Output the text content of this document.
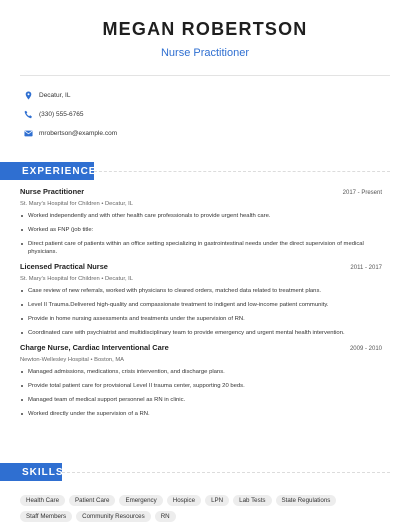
MEGAN ROBERTSON
Nurse Practitioner
Decatur, IL
(330) 555-6765
mrobertson@example.com
EXPERIENCE
Nurse Practitioner	2017 - Present
St. Mary's Hospital for Children • Decatur, IL
Worked independently and with other health care professionals to provide urgent health care.
Worked as FNP (job title:
Direct patient care of patients within an office setting specializing in gastrointestinal needs under the direct supervision of medical physicians.
Licensed Practical Nurse	2011 - 2017
St. Mary's Hospital for Children • Decatur, IL
Case review of new referrals, worked with physicians to cleared orders, matched data related to treatment plans.
Level II Trauma.Delivered high-quality and compassionate treatment to indigent and low-income patient community.
Provide in home nursing assessments and treatments under the supervision of RN.
Coordinated care with psychiatrist and multidisciplinary team to provide emergency and urgent mental health intervention.
Charge Nurse, Cardiac Interventional Care	2009 - 2010
Newton-Wellesley Hospital • Boston, MA
Managed admissions, medications, crisis intervention, and discharge plans.
Provide total patient care for provisional Level II trauma center, supporting 20 beds.
Managed team of medical support personnel as RN in clinic.
Worked directly under the supervision of a RN.
SKILLS
Health Care	Patient Care	Emergency	Hospice	LPN	Lab Tests	State Regulations
Staff Members	Community Resources	RN
